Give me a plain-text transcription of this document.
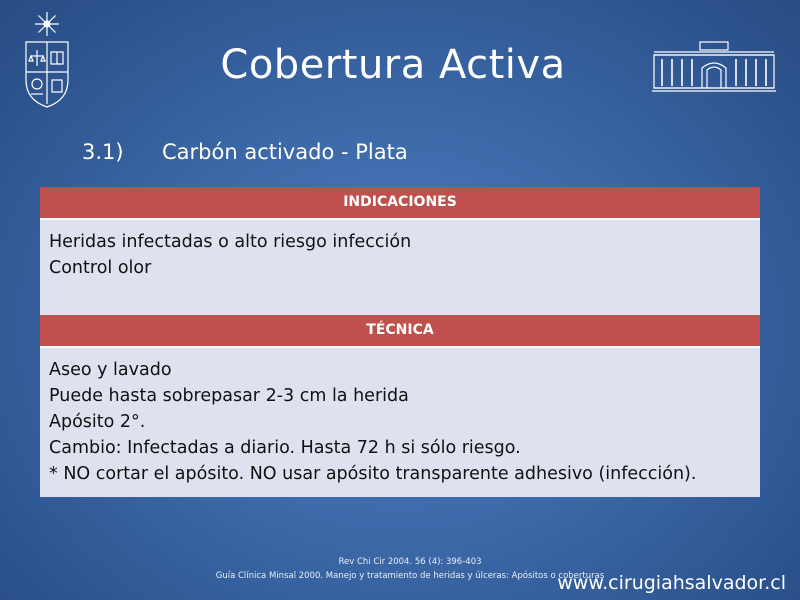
Cobertura Activa
3.1) Carbón activado - Plata
INDICACIONES
Heridas infectadas o alto riesgo infección
Control olor
TÉCNICA
Aseo y lavado
Puede hasta sobrepasar 2-3 cm la herida
Apósito 2°.
Cambio: Infectadas a diario. Hasta 72 h si sólo riesgo.
* NO cortar el apósito. NO usar apósito transparente adhesivo (infección).
Rev Chi Cir 2004. 56 (4): 396-403
Guía Clínica Minsal 2000. Manejo y tratamiento de heridas y úlceras: Apósitos o coberturas
www.cirugiahsalvador.cl
